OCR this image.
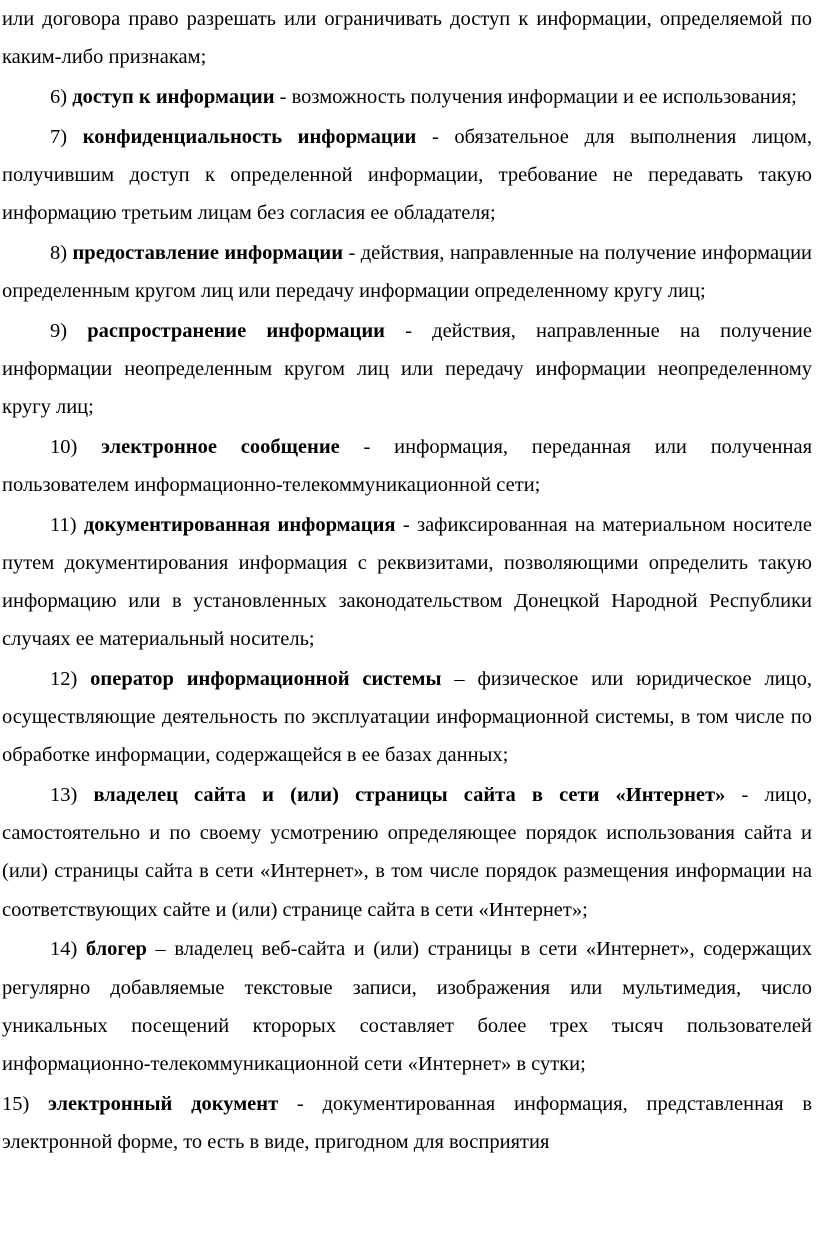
или договора право разрешать или ограничивать доступ к информации, определяемой по каким-либо признакам;

6) доступ к информации - возможность получения информации и ее использования;

7) конфиденциальность информации - обязательное для выполнения лицом, получившим доступ к определенной информации, требование не передавать такую информацию третьим лицам без согласия ее обладателя;

8) предоставление информации - действия, направленные на получение информации определенным кругом лиц или передачу информации определенному кругу лиц;

9) распространение информации - действия, направленные на получение информации неопределенным кругом лиц или передачу информации неопределенному кругу лиц;

10) электронное сообщение - информация, переданная или полученная пользователем информационно-телекоммуникационной сети;

11) документированная информация - зафиксированная на материальном носителе путем документирования информация с реквизитами, позволяющими определить такую информацию или в установленных законодательством Донецкой Народной Республики случаях ее материальный носитель;

12) оператор информационной системы – физическое или юридическое лицо, осуществляющие деятельность по эксплуатации информационной системы, в том числе по обработке информации, содержащейся в ее базах данных;

13) владелец сайта и (или) страницы сайта в сети «Интернет» - лицо, самостоятельно и по своему усмотрению определяющее порядок использования сайта и (или) страницы сайта в сети «Интернет», в том числе порядок размещения информации на соответствующих сайте и (или) странице сайта в сети «Интернет»;

14) блогер – владелец веб-сайта и (или) страницы в сети «Интернет», содержащих регулярно добавляемые текстовые записи, изображения или мультимедия, число уникальных посещений кторорых составляет более трех тысяч пользователей информационно-телекоммуникационной сети «Интернет» в сутки;

15) электронный документ - документированная информация, представленная в электронной форме, то есть в виде, пригодном для восприятия
